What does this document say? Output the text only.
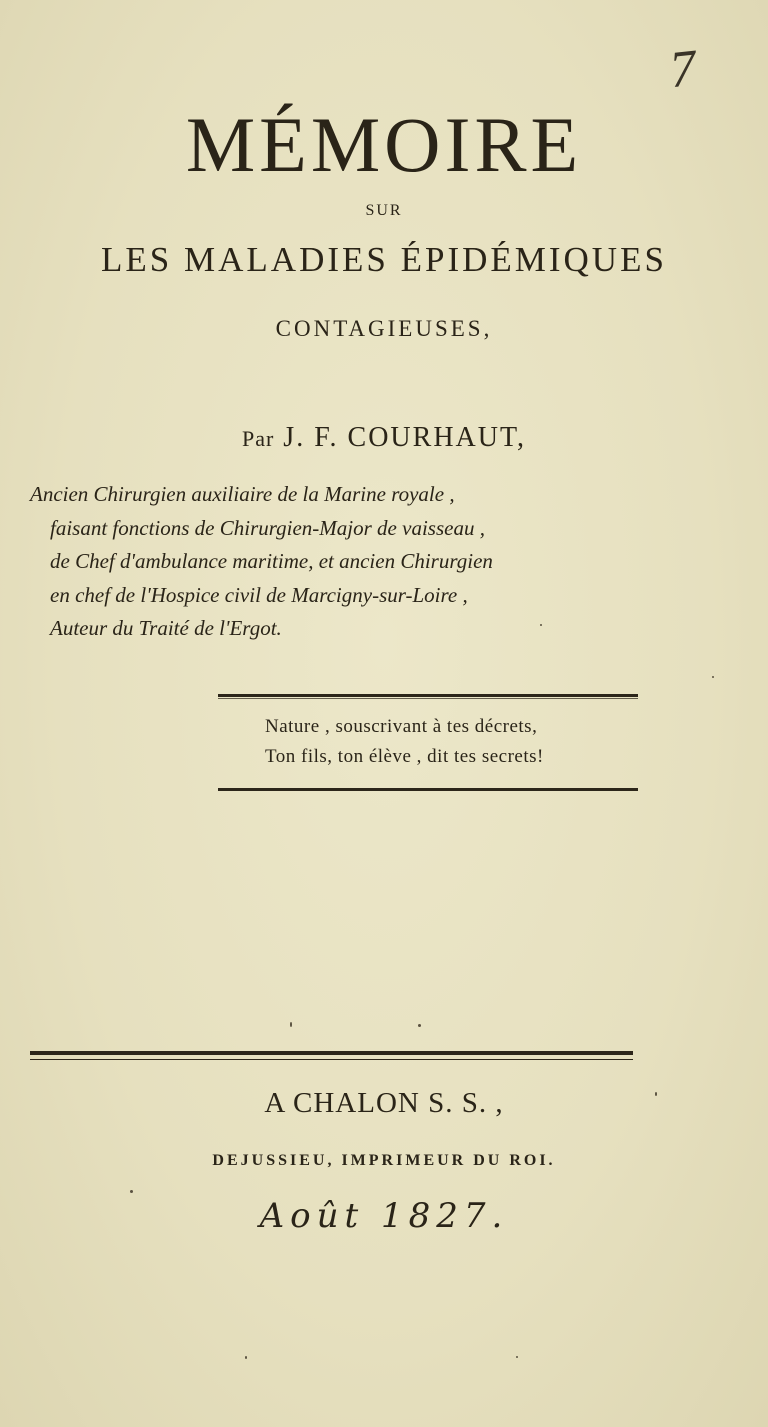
7
MÉMOIRE
SUR
LES MALADIES ÉPIDÉMIQUES
CONTAGIEUSES,
Par J. F. COURHAUT,
Ancien Chirurgien auxiliaire de la Marine royale ,
faisant fonctions de Chirurgien-Major de vaisseau ,
de Chef d'ambulance maritime, et ancien Chirurgien
en chef de l'Hospice civil de Marcigny-sur-Loire ,
Auteur du Traité de l'Ergot.
Nature , souscrivant à tes décrets,
Ton fils, ton élève , dit tes secrets!
A CHALON S. S. ,
DEJUSSIEU, IMPRIMEUR DU ROI.
Août 1827.
